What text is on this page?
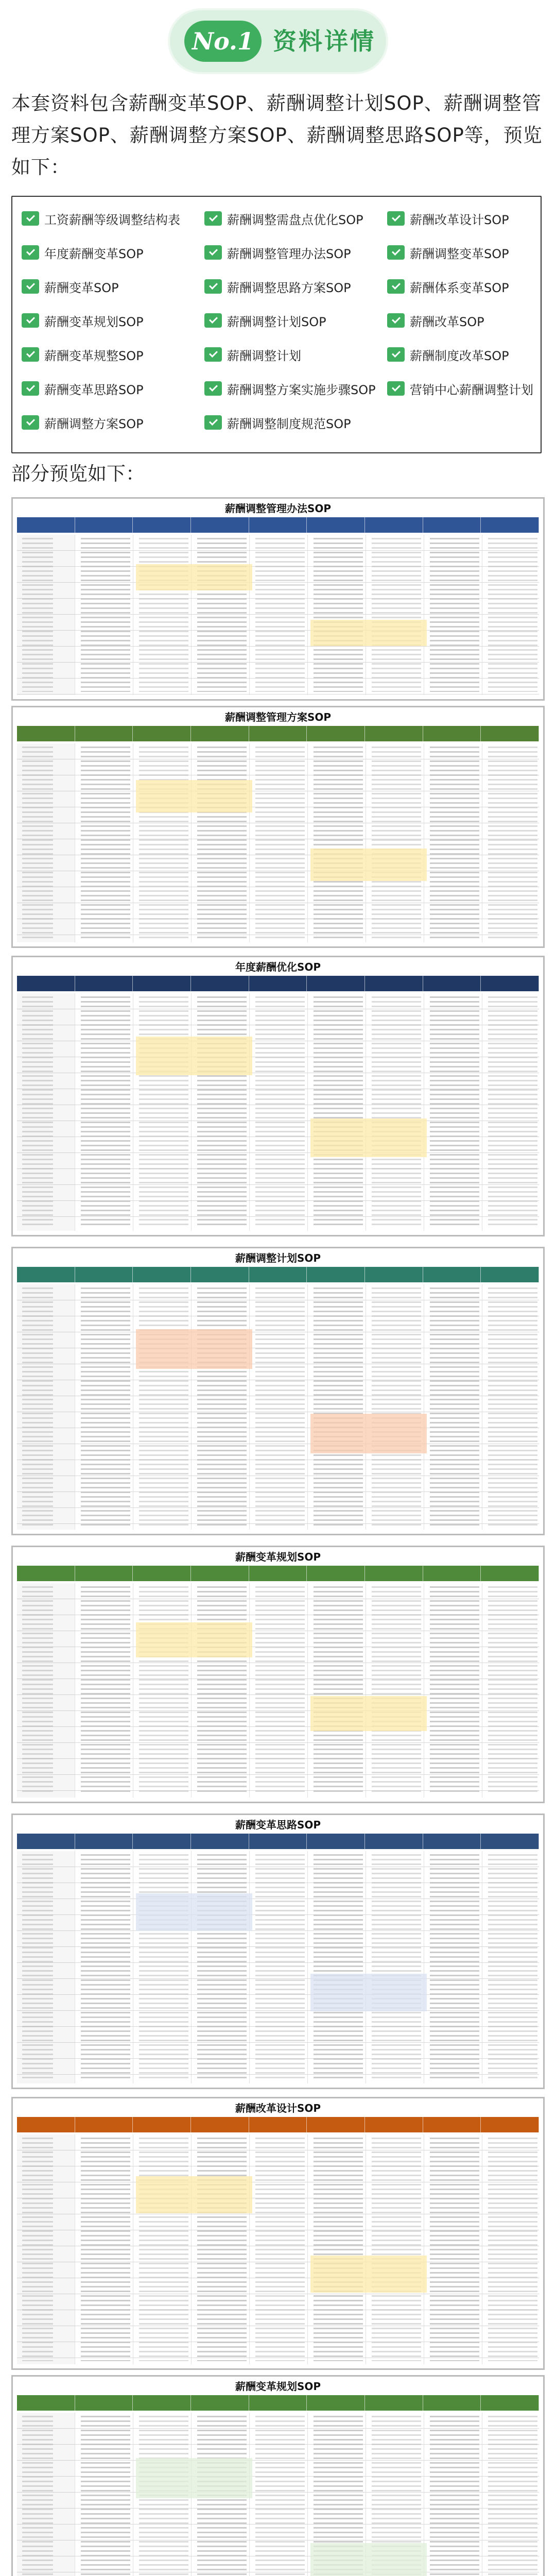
No.1 资料详情
本套资料包含薪酬变革SOP、薪酬调整计划SOP、薪酬调整管理方案SOP、薪酬调整方案SOP、薪酬调整思路SOP等，预览如下：
工资薪酬等级调整结构表	薪酬调整需盘点优化SOP	薪酬改革设计SOP
年度薪酬变革SOP	薪酬调整管理办法SOP	薪酬调整变革SOP
薪酬变革SOP	薪酬调整思路方案SOP	薪酬体系变革SOP
薪酬变革规划SOP	薪酬调整计划SOP	薪酬改革SOP
薪酬变革规整SOP	薪酬调整计划	薪酬制度改革SOP
薪酬变革思路SOP	薪酬调整方案实施步骤SOP	营销中心薪酬调整计划
薪酬调整方案SOP	薪酬调整制度规范SOP
部分预览如下：
薪酬调整管理办法SOP
薪酬调整管理方案SOP
年度薪酬优化SOP
薪酬调整计划SOP
薪酬变革规划SOP
薪酬变革思路SOP
薪酬改革设计SOP
薪酬变革规划SOP
